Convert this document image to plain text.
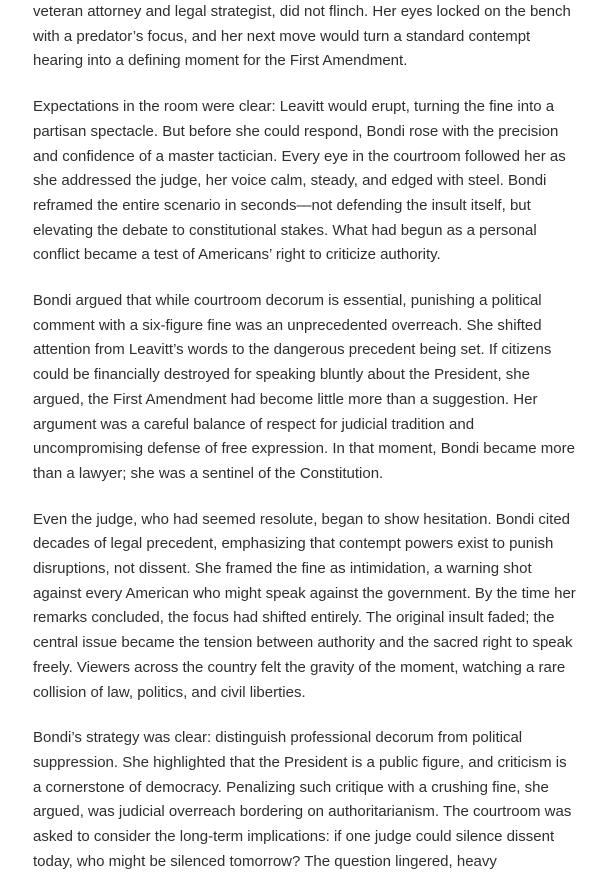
veteran attorney and legal strategist, did not flinch. Her eyes locked on the bench with a predator’s focus, and her next move would turn a standard contempt hearing into a defining moment for the First Amendment.

Expectations in the room were clear: Leavitt would erupt, turning the fine into a partisan spectacle. But before she could respond, Bondi rose with the precision and confidence of a master tactician. Every eye in the courtroom followed her as she addressed the judge, her voice calm, steady, and edged with steel. Bondi reframed the entire scenario in seconds—not defending the insult itself, but elevating the debate to constitutional stakes. What had begun as a personal conflict became a test of Americans’ right to criticize authority.

Bondi argued that while courtroom decorum is essential, punishing a political comment with a six-figure fine was an unprecedented overreach. She shifted attention from Leavitt’s words to the dangerous precedent being set. If citizens could be financially destroyed for speaking bluntly about the President, she argued, the First Amendment had become little more than a suggestion. Her argument was a careful balance of respect for judicial tradition and uncompromising defense of free expression. In that moment, Bondi became more than a lawyer; she was a sentinel of the Constitution.

Even the judge, who had seemed resolute, began to show hesitation. Bondi cited decades of legal precedent, emphasizing that contempt powers exist to punish disruptions, not dissent. She framed the fine as intimidation, a warning shot against every American who might speak against the government. By the time her remarks concluded, the focus had shifted entirely. The original insult faded; the central issue became the tension between authority and the sacred right to speak freely. Viewers across the country felt the gravity of the moment, watching a rare collision of law, politics, and civil liberties.

Bondi’s strategy was clear: distinguish professional decorum from political suppression. She highlighted that the President is a public figure, and criticism is a cornerstone of democracy. Penalizing such critique with a crushing fine, she argued, was judicial overreach bordering on authoritarianism. The courtroom was asked to consider the long-term implications: if one judge could silence dissent today, who might be silenced tomorrow? The question lingered, heavy
